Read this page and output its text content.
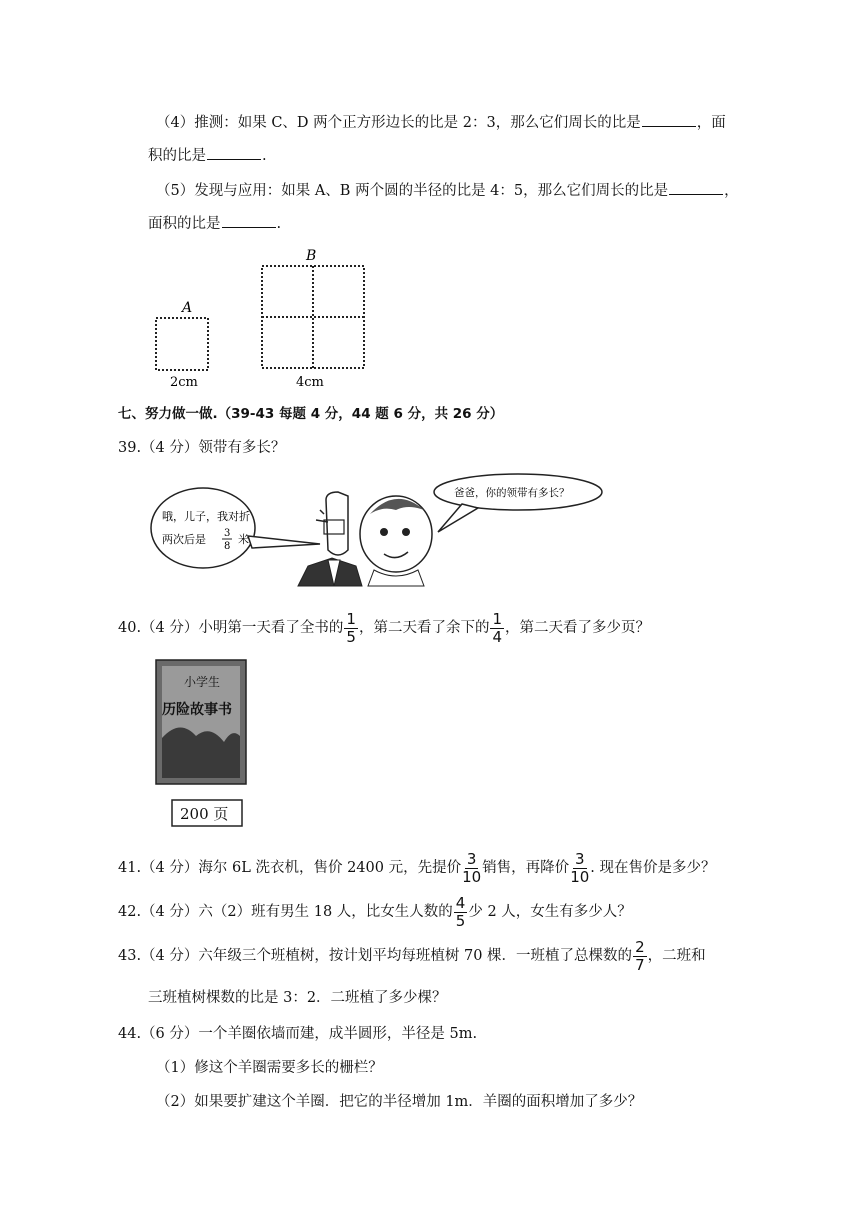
（4）推测：如果 C、D 两个正方形边长的比是 2：3，那么它们周长的比是	，面
积的比是	.
（5）发现与应用：如果 A、B 两个圆的半径的比是 4：5，那么它们周长的比是	，
面积的比是	.
A
2cm
B
4cm
七、努力做一做.（39-43 每题 4 分，44 题 6 分，共 26 分）
39.（4 分）领带有多长？
哦，儿子，我对折
两次后是 3
8
米
爸爸，你的领带有多长？
40.（4 分）小明第一天看了全书的 $\frac{1}{5}$ ，第二天看了余下的 $\frac{1}{4}$ ，第二天看了多少页？
小学生
历险故事书
200 页
41.（4 分）海尔 6L 洗衣机，售价 2400 元，先提价 $\frac{3}{10}$ 销售，再降价 $\frac{3}{10}$ . 现在售价是多少？
42.（4 分）六（2）班有男生 18 人，比女生人数的 $\frac{4}{5}$ 少 2 人，女生有多少人？
43.（4 分）六年级三个班植树，按计划平均每班植树 70 棵．一班植了总棵数的 $\frac{2}{7}$ ，二班和
三班植树棵数的比是 3：2．二班植了多少棵？
44.（6 分）一个羊圈依墙而建，成半圆形，半径是 5m.
（1）修这个羊圈需要多长的栅栏？
（2）如果要扩建这个羊圈．把它的半径增加 1m．羊圈的面积增加了多少？
